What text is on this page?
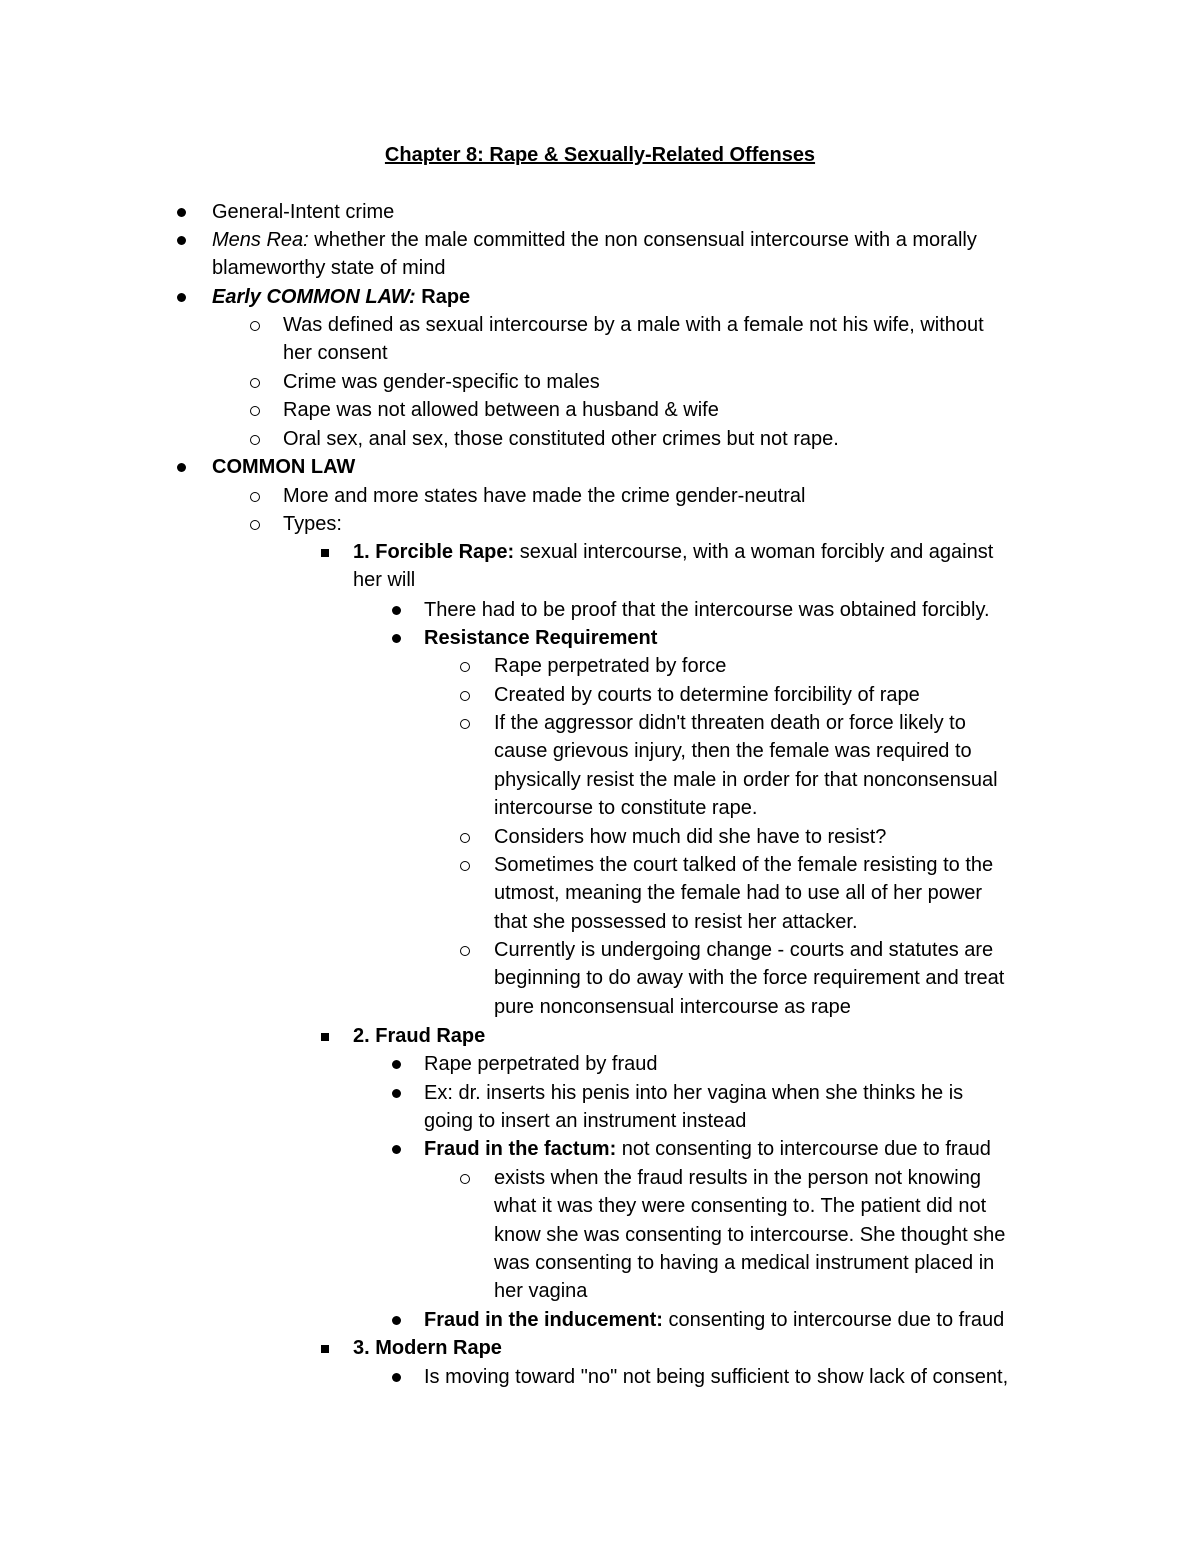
Chapter 8: Rape & Sexually-Related Offenses
General-Intent crime
Mens Rea: whether the male committed the non consensual intercourse with a morally
blameworthy state of mind
Early COMMON LAW: Rape
Was defined as sexual intercourse by a male with a female not his wife, without
her consent
Crime was gender-specific to males
Rape was not allowed between a husband & wife
Oral sex, anal sex, those constituted other crimes but not rape.
COMMON LAW
More and more states have made the crime gender-neutral
Types:
1. Forcible Rape: sexual intercourse, with a woman forcibly and against
her will
There had to be proof that the intercourse was obtained forcibly.
Resistance Requirement
Rape perpetrated by force
Created by courts to determine forcibility of rape
If the aggressor didn't threaten death or force likely to
cause grievous injury, then the female was required to
physically resist the male in order for that nonconsensual
intercourse to constitute rape.
Considers how much did she have to resist?
Sometimes the court talked of the female resisting to the
utmost, meaning the female had to use all of her power
that she possessed to resist her attacker.
Currently is undergoing change - courts and statutes are
beginning to do away with the force requirement and treat
pure nonconsensual intercourse as rape
2. Fraud Rape
Rape perpetrated by fraud
Ex: dr. inserts his penis into her vagina when she thinks he is
going to insert an instrument instead
Fraud in the factum: not consenting to intercourse due to fraud
exists when the fraud results in the person not knowing
what it was they were consenting to. The patient did not
know she was consenting to intercourse. She thought she
was consenting to having a medical instrument placed in
her vagina
Fraud in the inducement: consenting to intercourse due to fraud
3. Modern Rape
Is moving toward "no" not being sufficient to show lack of consent,
